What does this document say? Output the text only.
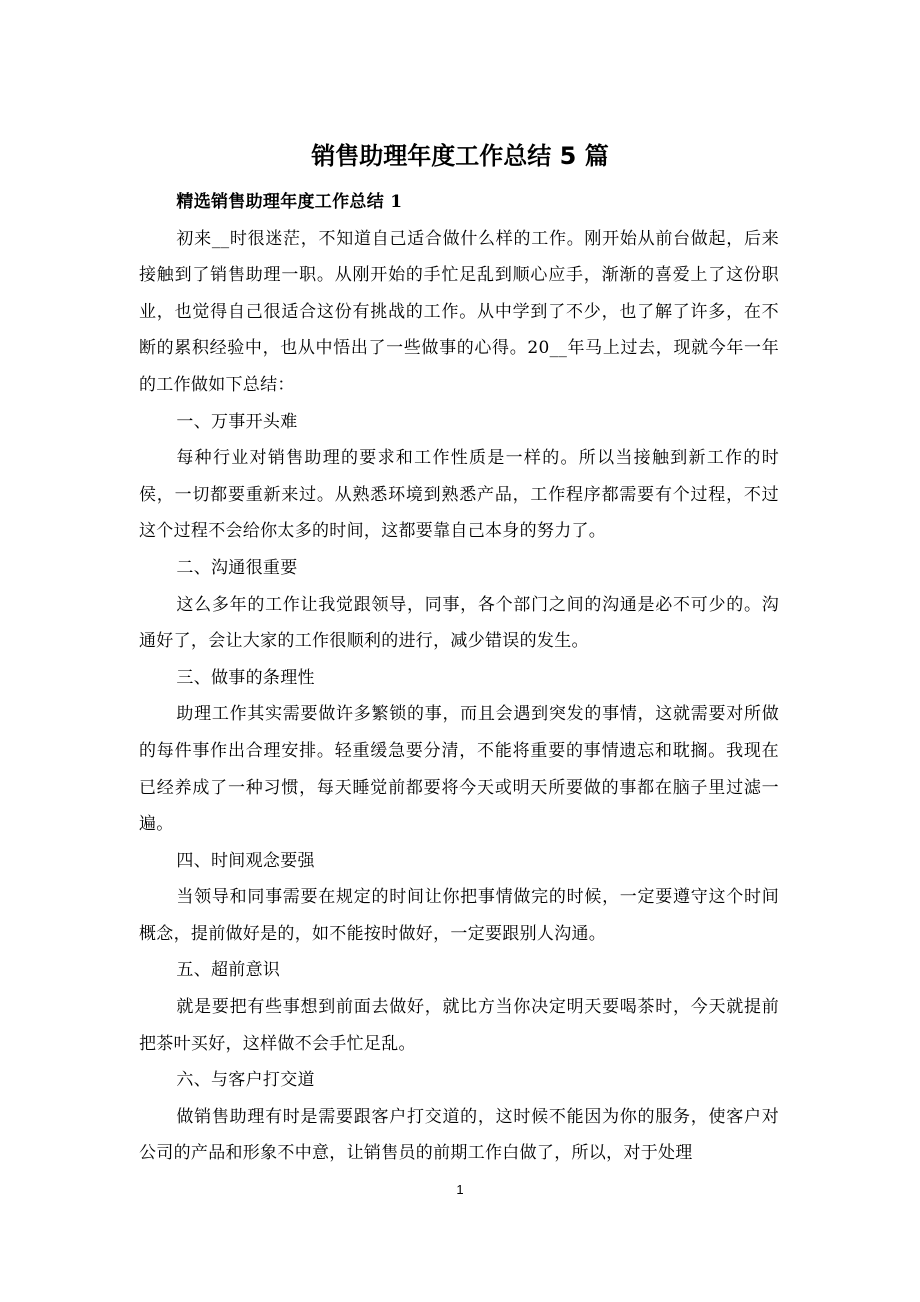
销售助理年度工作总结 5 篇

精选销售助理年度工作总结 1

初来__时很迷茫，不知道自己适合做什么样的工作。刚开始从前台做起，后来接触到了销售助理一职。从刚开始的手忙足乱到顺心应手，渐渐的喜爱上了这份职业，也觉得自己很适合这份有挑战的工作。从中学到了不少，也了解了许多，在不断的累积经验中，也从中悟出了一些做事的心得。20__年马上过去，现就今年一年的工作做如下总结：

一、万事开头难

每种行业对销售助理的要求和工作性质是一样的。所以当接触到新工作的时侯，一切都要重新来过。从熟悉环境到熟悉产品，工作程序都需要有个过程，不过这个过程不会给你太多的时间，这都要靠自己本身的努力了。

二、沟通很重要

这么多年的工作让我觉跟领导，同事，各个部门之间的沟通是必不可少的。沟通好了，会让大家的工作很顺利的进行，减少错误的发生。

三、做事的条理性

助理工作其实需要做许多繁锁的事，而且会遇到突发的事情，这就需要对所做的每件事作出合理安排。轻重缓急要分清，不能将重要的事情遗忘和耽搁。我现在已经养成了一种习惯，每天睡觉前都要将今天或明天所要做的事都在脑子里过滤一遍。

四、时间观念要强

当领导和同事需要在规定的时间让你把事情做完的时候，一定要遵守这个时间概念，提前做好是的，如不能按时做好，一定要跟别人沟通。

五、超前意识

就是要把有些事想到前面去做好，就比方当你决定明天要喝茶时，今天就提前把茶叶买好，这样做不会手忙足乱。

六、与客户打交道

做销售助理有时是需要跟客户打交道的，这时候不能因为你的服务，使客户对公司的产品和形象不中意，让销售员的前期工作白做了，所以，对于处理

1
